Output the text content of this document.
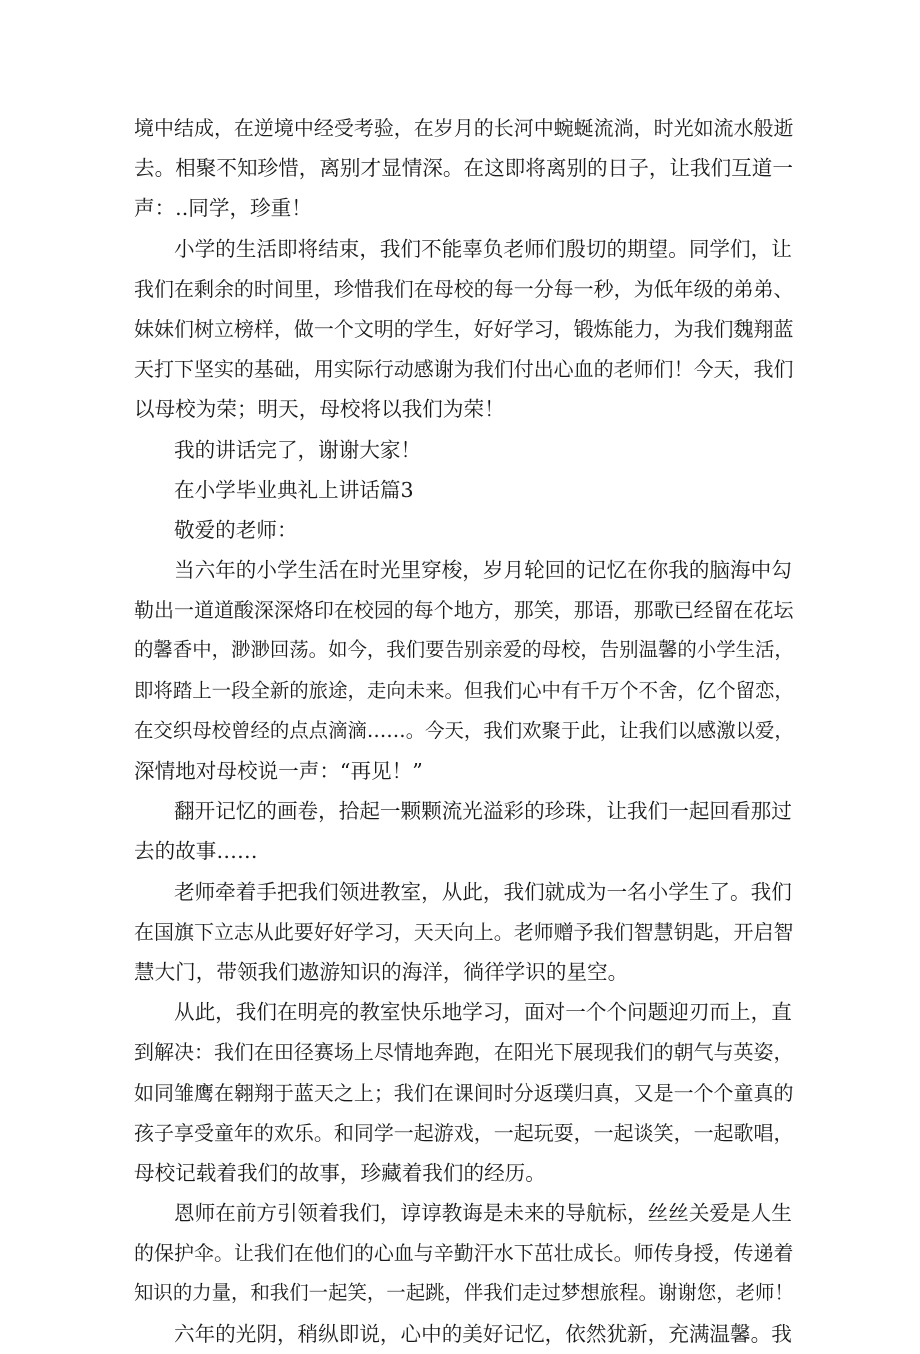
境中结成，在逆境中经受考验，在岁月的长河中蜿蜒流淌，时光如流水般逝
去。相聚不知珍惜，离别才显情深。在这即将离别的日子，让我们互道一
声：..同学，珍重！
小学的生活即将结束，我们不能辜负老师们殷切的期望。同学们，让
我们在剩余的时间里，珍惜我们在母校的每一分每一秒，为低年级的弟弟、
妹妹们树立榜样，做一个文明的学生，好好学习，锻炼能力，为我们魏翔蓝
天打下坚实的基础，用实际行动感谢为我们付出心血的老师们！今天，我们
以母校为荣；明天，母校将以我们为荣！
我的讲话完了，谢谢大家！
在小学毕业典礼上讲话篇3
敬爱的老师：
当六年的小学生活在时光里穿梭，岁月轮回的记忆在你我的脑海中勾
勒出一道道酸深深烙印在校园的每个地方，那笑，那语，那歌已经留在花坛
的馨香中，渺渺回荡。如今，我们要告别亲爱的母校，告别温馨的小学生活，
即将踏上一段全新的旅途，走向未来。但我们心中有千万个不舍，亿个留恋，
在交织母校曾经的点点滴滴……。今天，我们欢聚于此，让我们以感激以爱，
深情地对母校说一声：“再见！”
翻开记忆的画卷，拾起一颗颗流光溢彩的珍珠，让我们一起回看那过
去的故事……
老师牵着手把我们领进教室，从此，我们就成为一名小学生了。我们
在国旗下立志从此要好好学习，天天向上。老师赠予我们智慧钥匙，开启智
慧大门，带领我们遨游知识的海洋，徜徉学识的星空。
从此，我们在明亮的教室快乐地学习，面对一个个问题迎刃而上，直
到解决：我们在田径赛场上尽情地奔跑，在阳光下展现我们的朝气与英姿，
如同雏鹰在翱翔于蓝天之上；我们在课间时分返璞归真，又是一个个童真的
孩子享受童年的欢乐。和同学一起游戏，一起玩耍，一起谈笑，一起歌唱，
母校记载着我们的故事，珍藏着我们的经历。
恩师在前方引领着我们，谆谆教诲是未来的导航标，丝丝关爱是人生
的保护伞。让我们在他们的心血与辛勤汗水下茁壮成长。师传身授，传递着
知识的力量，和我们一起笑，一起跳，伴我们走过梦想旅程。谢谢您，老师！
六年的光阴，稍纵即说，心中的美好记忆，依然犹新，充满温馨。我
